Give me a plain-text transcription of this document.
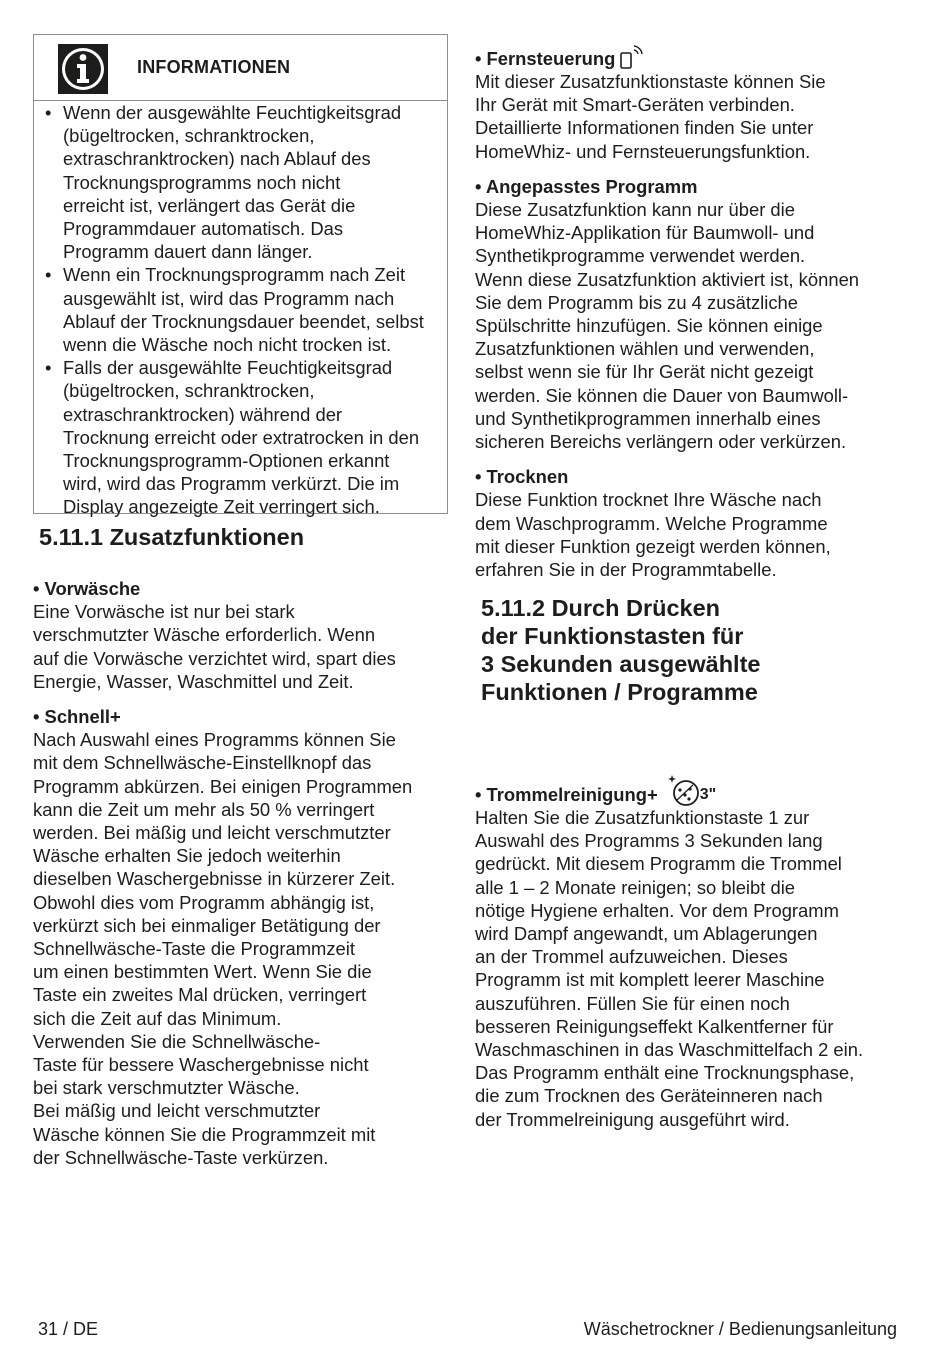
INFORMATIONEN
• Wenn der ausgewählte Feuchtigkeitsgrad
(bügeltrocken, schranktrocken,
extraschranktrocken) nach Ablauf des
Trocknungsprogramms noch nicht
erreicht ist, verlängert das Gerät die
Programmdauer automatisch. Das
Programm dauert dann länger.
• Wenn ein Trocknungsprogramm nach Zeit
ausgewählt ist, wird das Programm nach
Ablauf der Trocknungsdauer beendet, selbst
wenn die Wäsche noch nicht trocken ist.
• Falls der ausgewählte Feuchtigkeitsgrad
(bügeltrocken, schranktrocken,
extraschranktrocken) während der
Trocknung erreicht oder extratrocken in den
Trocknungsprogramm-Optionen erkannt
wird, wird das Programm verkürzt. Die im
Display angezeigte Zeit verringert sich.
5.11.1 Zusatzfunktionen
• Vorwäsche

Eine Vorwäsche ist nur bei stark
verschmutzter Wäsche erforderlich. Wenn
auf die Vorwäsche verzichtet wird, spart dies
Energie, Wasser, Waschmittel und Zeit.

• Schnell+

Nach Auswahl eines Programms können Sie
mit dem Schnellwäsche-Einstellknopf das
Programm abkürzen. Bei einigen Programmen
kann die Zeit um mehr als 50 % verringert
werden. Bei mäßig und leicht verschmutzter
Wäsche erhalten Sie jedoch weiterhin
dieselben Waschergebnisse in kürzerer Zeit.
Obwohl dies vom Programm abhängig ist,
verkürzt sich bei einmaliger Betätigung der
Schnellwäsche-Taste die Programmzeit
um einen bestimmten Wert. Wenn Sie die
Taste ein zweites Mal drücken, verringert
sich die Zeit auf das Minimum.
Verwenden Sie die Schnellwäsche-
Taste für bessere Waschergebnisse nicht
bei stark verschmutzter Wäsche.
Bei mäßig und leicht verschmutzter
Wäsche können Sie die Programmzeit mit
der Schnellwäsche-Taste verkürzen.

• Fernsteuerung

Mit dieser Zusatzfunktionstaste können Sie
Ihr Gerät mit Smart-Geräten verbinden.
Detaillierte Informationen finden Sie unter
HomeWhiz- und Fernsteuerungsfunktion.

• Angepasstes Programm

Diese Zusatzfunktion kann nur über die
HomeWhiz-Applikation für Baumwoll- und
Synthetikprogramme verwendet werden.
Wenn diese Zusatzfunktion aktiviert ist, können
Sie dem Programm bis zu 4 zusätzliche
Spülschritte hinzufügen. Sie können einige
Zusatzfunktionen wählen und verwenden,
selbst wenn sie für Ihr Gerät nicht gezeigt
werden. Sie können die Dauer von Baumwoll-
und Synthetikprogrammen innerhalb eines
sicheren Bereichs verlängern oder verkürzen.

• Trocknen

Diese Funktion trocknet Ihre Wäsche nach
dem Waschprogramm. Welche Programme
mit dieser Funktion gezeigt werden können,
erfahren Sie in der Programmtabelle.

5.11.2 Durch Drücken
der Funktionstasten für
3 Sekunden ausgewählte
Funktionen / Programme
• Trommelreinigung+	3"

Halten Sie die Zusatzfunktionstaste 1 zur
Auswahl des Programms 3 Sekunden lang
gedrückt. Mit diesem Programm die Trommel
alle 1 – 2 Monate reinigen; so bleibt die
nötige Hygiene erhalten. Vor dem Programm
wird Dampf angewandt, um Ablagerungen
an der Trommel aufzuweichen. Dieses
Programm ist mit komplett leerer Maschine
auszuführen. Füllen Sie für einen noch
besseren Reinigungseffekt Kalkentferner für
Waschmaschinen in das Waschmittelfach 2 ein.
Das Programm enthält eine Trocknungsphase,
die zum Trocknen des Geräteinneren nach
der Trommelreinigung ausgeführt wird.

31 / DE	Wäschetrockner / Bedienungsanleitung
